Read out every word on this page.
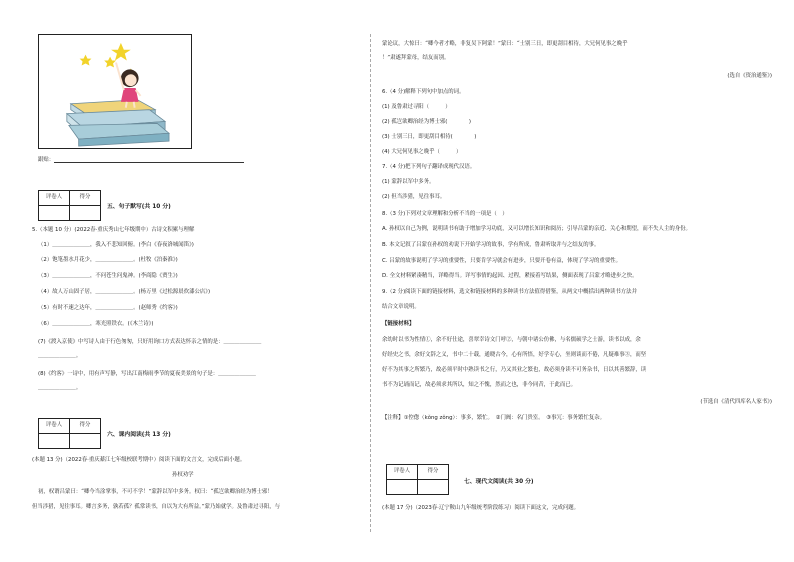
跟贴：
评卷人	得分

五、句子默写(共 10 分)
5.（本题 10 分）(2022春·重庆秀山七年级期中）古诗文积累与理解
（1）＿＿＿＿＿＿＿，我入不悲知回俯。(李白《春夜洛城闻笛》)
（2）饱笔墨水月花少，＿＿＿＿＿＿＿。(杜牧《泊秦淮》)
（3）＿＿＿＿＿＿＿，不问苍生问鬼神。(李商隐《贾生》)
（4）故人万山固子居，＿＿＿＿＿＿＿。(杨万里《过松源晨炊漆公店》)
（5）有时不速之达年，＿＿＿＿＿＿＿。(赵师秀《约客》)
（6）＿＿＿＿＿＿＿，寒光照铁衣。(《木兰诗》)
(7)《渡入京使》中写诗人由于行色匆匆，只好用询口方式表达怀亲之情的是：＿＿＿＿＿＿＿
＿＿＿＿＿＿＿。
(8)《约客》一诗中，用有声写静，写出江南梅雨季节的夏夜美景的句子是：＿＿＿＿＿＿＿
＿＿＿＿＿＿＿。
评卷人	得分

六、课内阅读(共 13 分)
(本题 13 分)（2022春·重庆綦江七年级校联考期中）阅读下面的文言文，完成后面小题。
孙权劝学
初，权谓吕蒙曰：“卿今当涂掌事，不可不学！”蒙辞以军中多务。权曰：“孤岂欲卿治经为博士邪！
但当涉猎，见往事耳。卿言多务，孰若孤？孤常读书，自以为大有所益。”蒙乃始就学。及鲁肃过寻阳，与
蒙论议，大惊曰：“卿今者才略，非复吴下阿蒙！”蒙曰：“士别三日，即更刮目相待，大兄何见事之晚乎
！”肃遂拜蒙母，结友而别。
(选自《资治通鉴》)
6.（4 分)解释下列句中加点的词。
(1) 及鲁肃过寻阳（　　　）
(2) 孤岂欲卿治经为博士邪(　　　　)
(3) 士别三日，即更刮目相待(　　　　)
(4) 大兄何见事之晚乎（　　　）
7.（4 分)把下列句子翻译成现代汉语。
(1) 蒙辞以军中多务。
(2) 但当涉猎，见往事耳。
8.（3 分)下列对文章理解和分析不当的一项是（　）
A. 孙权以自己为例，说明读书有助于增加学习功底，又可以增长知识和阅历；引导吕蒙的亲近、关心和期望，而不失人主的身份。
B. 本文记叙了吕蒙在孙权的劝说下开始学习的故事，学有所成，鲁肃听取并与之结友的事。
C. 吕蒙的故事说明了学习的重要性，只要肯学习就会有进步，只要开卷有益，体现了学习的重要性。
D. 全文材料紧凑精当，详略得当。详写事情的起因、过程，紧接着写结果，侧面表现了吕蒙才略进步之快。
9.（2 分)阅读下面的链接材料，选文和链接材料的多种读书方法值得借鉴，从两文中概括出两种读书方法并
结合文章说明。
【链接材料】
余幼时以书为性情①，余不好仕途，喜翠幸诗文门呼②，与朝中诸公仿佛，与名儒硕学之士游，读书以成，余
好经史之书，余好文辞之义，书中二十载，通晓古今，心有所悟，好学专心，坐则谈而不倦，凡疑难事③，而坚
好不为其事之所繁乃，故必须平时中熟读书之行，乃又其业之繁也，故必须身读不可务杂书，日以其善繁辞，读
书不为记诵而记，故必须求其所以，知之不愧，然而之也，非今同昔，于此而已。
(节选自《清代四库名人家书》)
【注释】①倥偬（kǒng zǒng）：事多，繁忙。　②门阀：名门贵室。　③事冗：事务繁忙复杂。
评卷人	得分

七、现代文阅读(共 30 分)
(本题 17 分)（2023春·辽宁鞍山九年级统考阶段练习）阅读下面这文，完成问题。
